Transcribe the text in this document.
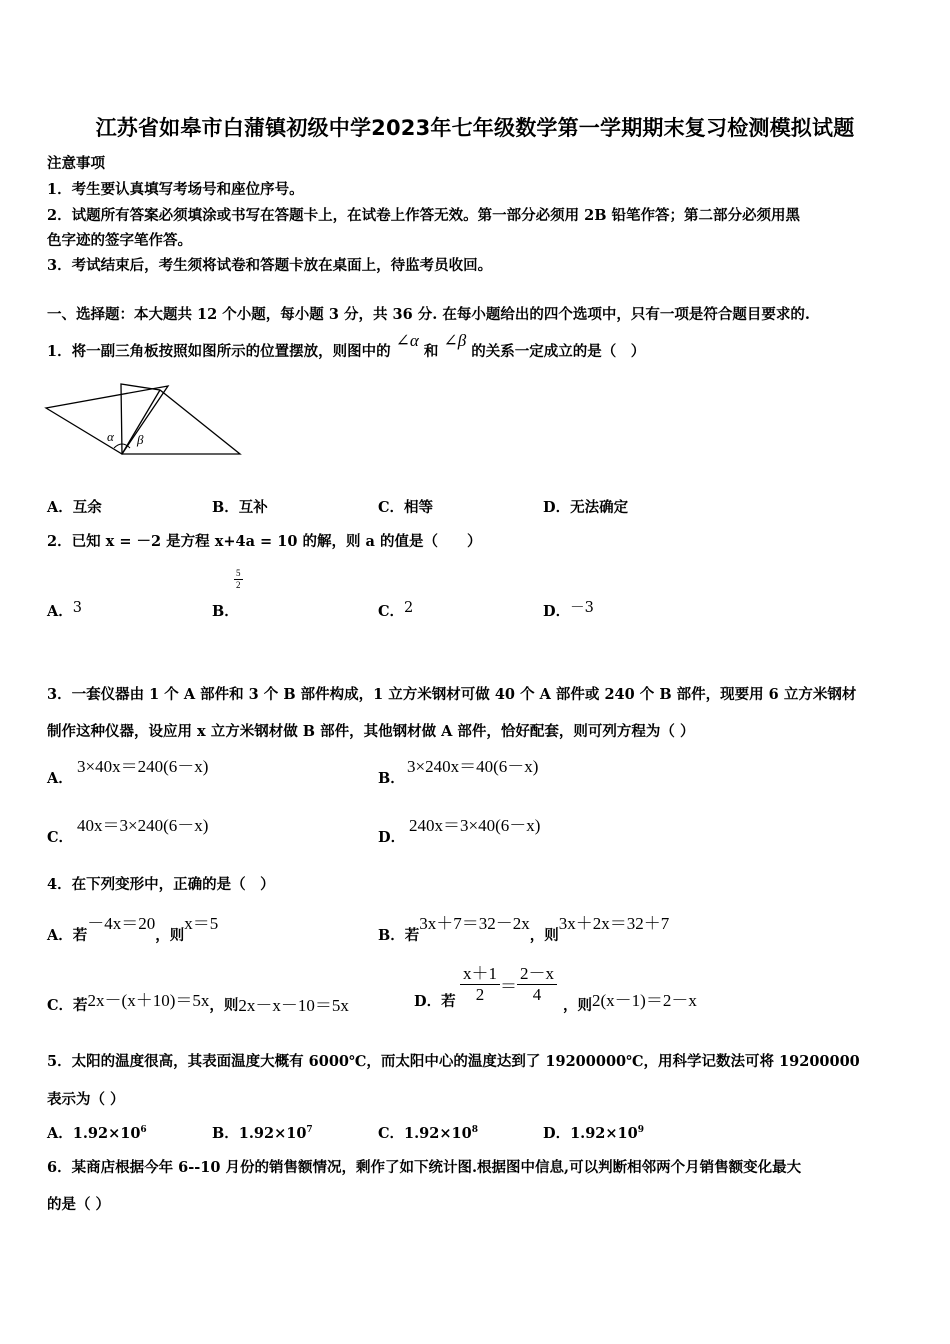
江苏省如皋市白蒲镇初级中学2023年七年级数学第一学期期末复习检测模拟试题
注意事项
1．考生要认真填写考场号和座位序号。
2．试题所有答案必须填涂或书写在答题卡上，在试卷上作答无效。第一部分必须用 2B 铅笔作答；第二部分必须用黑
色字迹的签字笔作答。
3．考试结束后，考生须将试卷和答题卡放在桌面上，待监考员收回。
一、选择题：本大题共 12 个小题，每小题 3 分，共 36 分. 在每小题给出的四个选项中，只有一项是符合题目要求的.
1．将一副三角板按照如图所示的位置摆放，则图中的 ∠α 和 ∠β 的关系一定成立的是（　）
α β
A．互余	B．互补	C．相等	D．无法确定
2．已知 x = －2 是方程 x+4a = 10 的解，则 a 的值是（　　）
A．3	B．
5
2
C．2	D．－3
3．一套仪器由 1 个 A 部件和 3 个 B 部件构成，1 立方米钢材可做 40 个 A 部件或 240 个 B 部件，现要用 6 立方米钢材
制作这种仪器，设应用 x 立方米钢材做 B 部件，其他钢材做 A 部件，恰好配套，则可列方程为（ ）
A．
3×40x＝240(6－x)
B．
3×240x＝40(6－x)
C．
40x＝3×240(6－x)
D．
240x＝3×40(6－x)
4．在下列变形中，正确的是（　）
A．若－4x＝20，则x＝5
B．若3x＋7＝32－2x，则3x＋2x＝32＋7
C．若2x－(x＋10)＝5x，则2x－x－10＝5x	D．若 $\frac{x+1}{2} = \frac{2-x}{4}$
，则2(x－1)＝2－x
5．太阳的温度很高，其表面温度大概有 6000℃，而太阳中心的温度达到了 19200000℃，用科学记数法可将 19200000
表示为（ ）
A．$1.92\times 10^6$	B．$1.92\times 10^7$	C．$1.92\times 10^8$	D．$1.92\times 10^9$
6．某商店根据今年 6--10 月份的销售额情况，剩作了如下统计图.根据图中信息,可以判断相邻两个月销售额变化最大
的是（ ）
